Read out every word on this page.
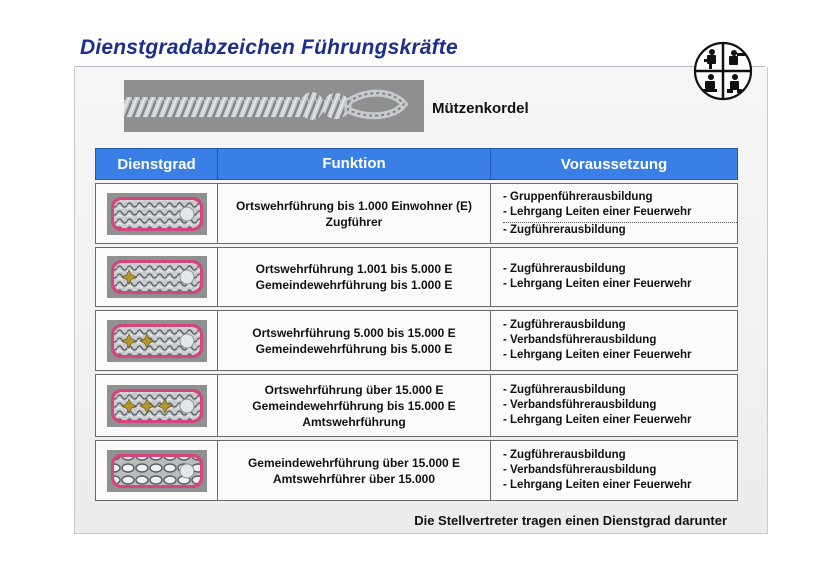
Dienstgradabzeichen Führungskräfte
Mützenkordel
Dienstgrad	Funktion	Voraussetzung

Ortswehrführung bis 1.000 Einwohner (E)
Zugführer	- Gruppenführerausbildung
- Lehrgang Leiten einer Feuerwehr
- Zugführerausbildung

Ortswehrführung 1.001 bis 5.000 E
Gemeindewehrführung bis 1.000 E	- Zugführerausbildung
- Lehrgang Leiten einer Feuerwehr

Ortswehrführung 5.000 bis 15.000 E
Gemeindewehrführung bis 5.000 E	- Zugführerausbildung
- Verbandsführerausbildung
- Lehrgang Leiten einer Feuerwehr

Ortswehrführung über 15.000 E
Gemeindewehrführung bis 15.000 E
Amtswehrführung	- Zugführerausbildung
- Verbandsführerausbildung
- Lehrgang Leiten einer Feuerwehr

Gemeindewehrführung über 15.000 E
Amtswehrführer über 15.000	- Zugführerausbildung
- Verbandsführerausbildung
- Lehrgang Leiten einer Feuerwehr
Die Stellvertreter tragen einen Dienstgrad darunter
